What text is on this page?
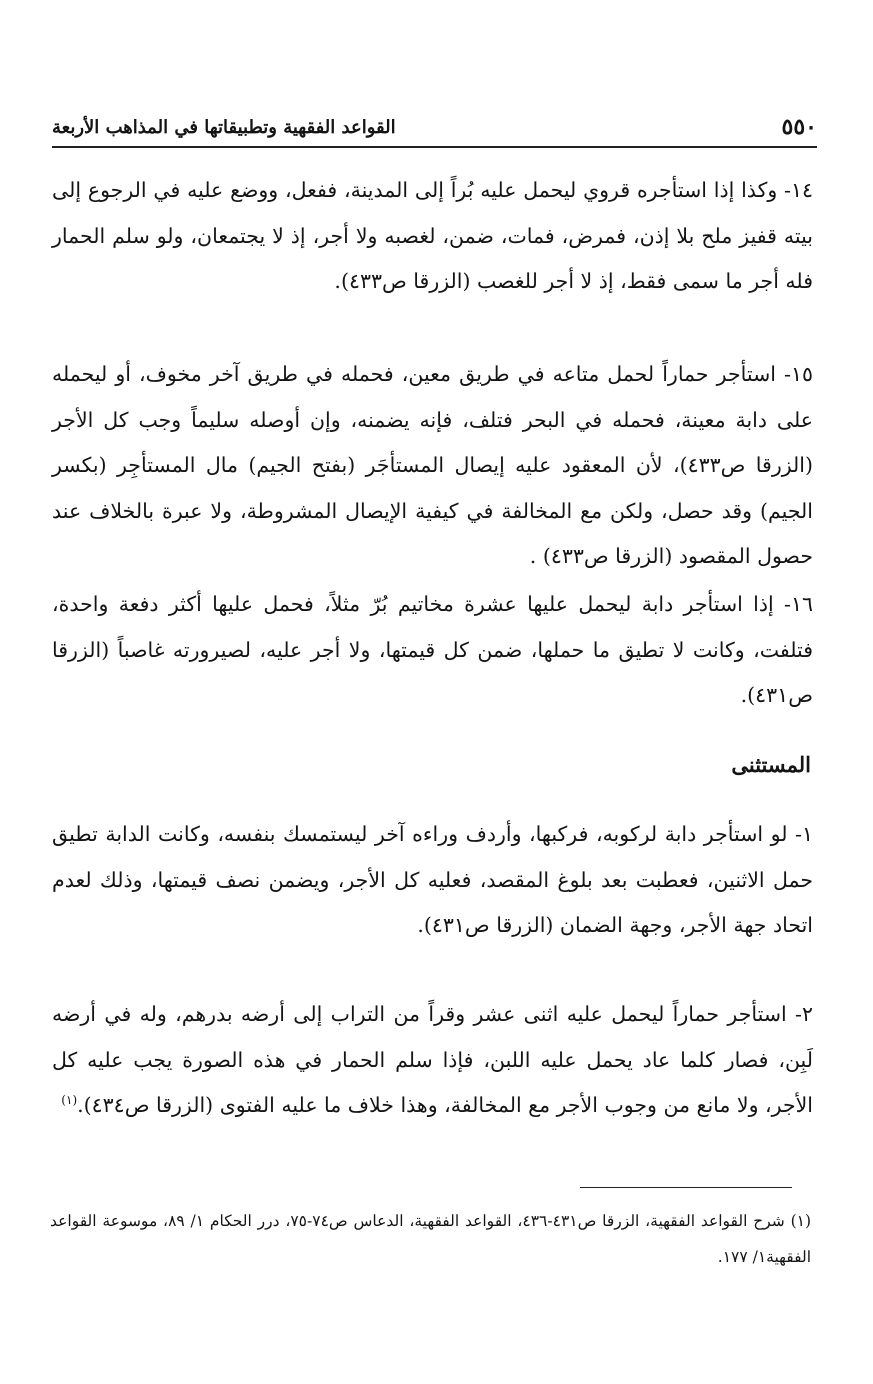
٥٥٠
القواعد الفقهية وتطبيقاتها في المذاهب الأربعة

١٤- وكذا إذا استأجره قروي ليحمل عليه بُراً إلى المدينة، ففعل، ووضع عليه في الرجوع إلى بيته قفيز ملح بلا إذن، فمرض، فمات، ضمن، لغصبه ولا أجر، إذ لا يجتمعان، ولو سلم الحمار فله أجر ما سمى فقط، إذ لا أجر للغصب (الزرقا ص٤٣٣).

١٥- استأجر حماراً لحمل متاعه في طريق معين، فحمله في طريق آخر مخوف، أو ليحمله على دابة معينة، فحمله في البحر فتلف، فإنه يضمنه، وإن أوصله سليماً وجب كل الأجر (الزرقا ص٤٣٣)، لأن المعقود عليه إيصال المستأجَر (بفتح الجيم) مال المستأجِر (بكسر الجيم) وقد حصل، ولكن مع المخالفة في كيفية الإيصال المشروطة، ولا عبرة بالخلاف عند حصول المقصود (الزرقا ص٤٣٣) .

١٦- إذا استأجر دابة ليحمل عليها عشرة مخاتيم بُرّ مثلاً، فحمل عليها أكثر دفعة واحدة، فتلفت، وكانت لا تطيق ما حملها، ضمن كل قيمتها، ولا أجر عليه، لصيرورته غاصباً (الزرقا ص٤٣١).

المستثنى

١- لو استأجر دابة لركوبه، فركبها، وأردف وراءه آخر ليستمسك بنفسه، وكانت الدابة تطيق حمل الاثنين، فعطبت بعد بلوغ المقصد، فعليه كل الأجر، ويضمن نصف قيمتها، وذلك لعدم اتحاد جهة الأجر، وجهة الضمان (الزرقا ص٤٣١).

٢- استأجر حماراً ليحمل عليه اثنى عشر وقراً من التراب إلى أرضه بدرهم، وله في أرضه لَبِن، فصار كلما عاد يحمل عليه اللبن، فإذا سلم الحمار في هذه الصورة يجب عليه كل الأجر، ولا مانع من وجوب الأجر مع المخالفة، وهذا خلاف ما عليه الفتوى (الزرقا ص٤٣٤).$^{(١)}$

(١) شرح القواعد الفقهية، الزرقا ص٤٣١-٤٣٦، القواعد الفقهية، الدعاس ص٧٤-٧٥، درر الحكام ١/ ٨٩، موسوعة القواعد الفقهية١/ ١٧٧.
